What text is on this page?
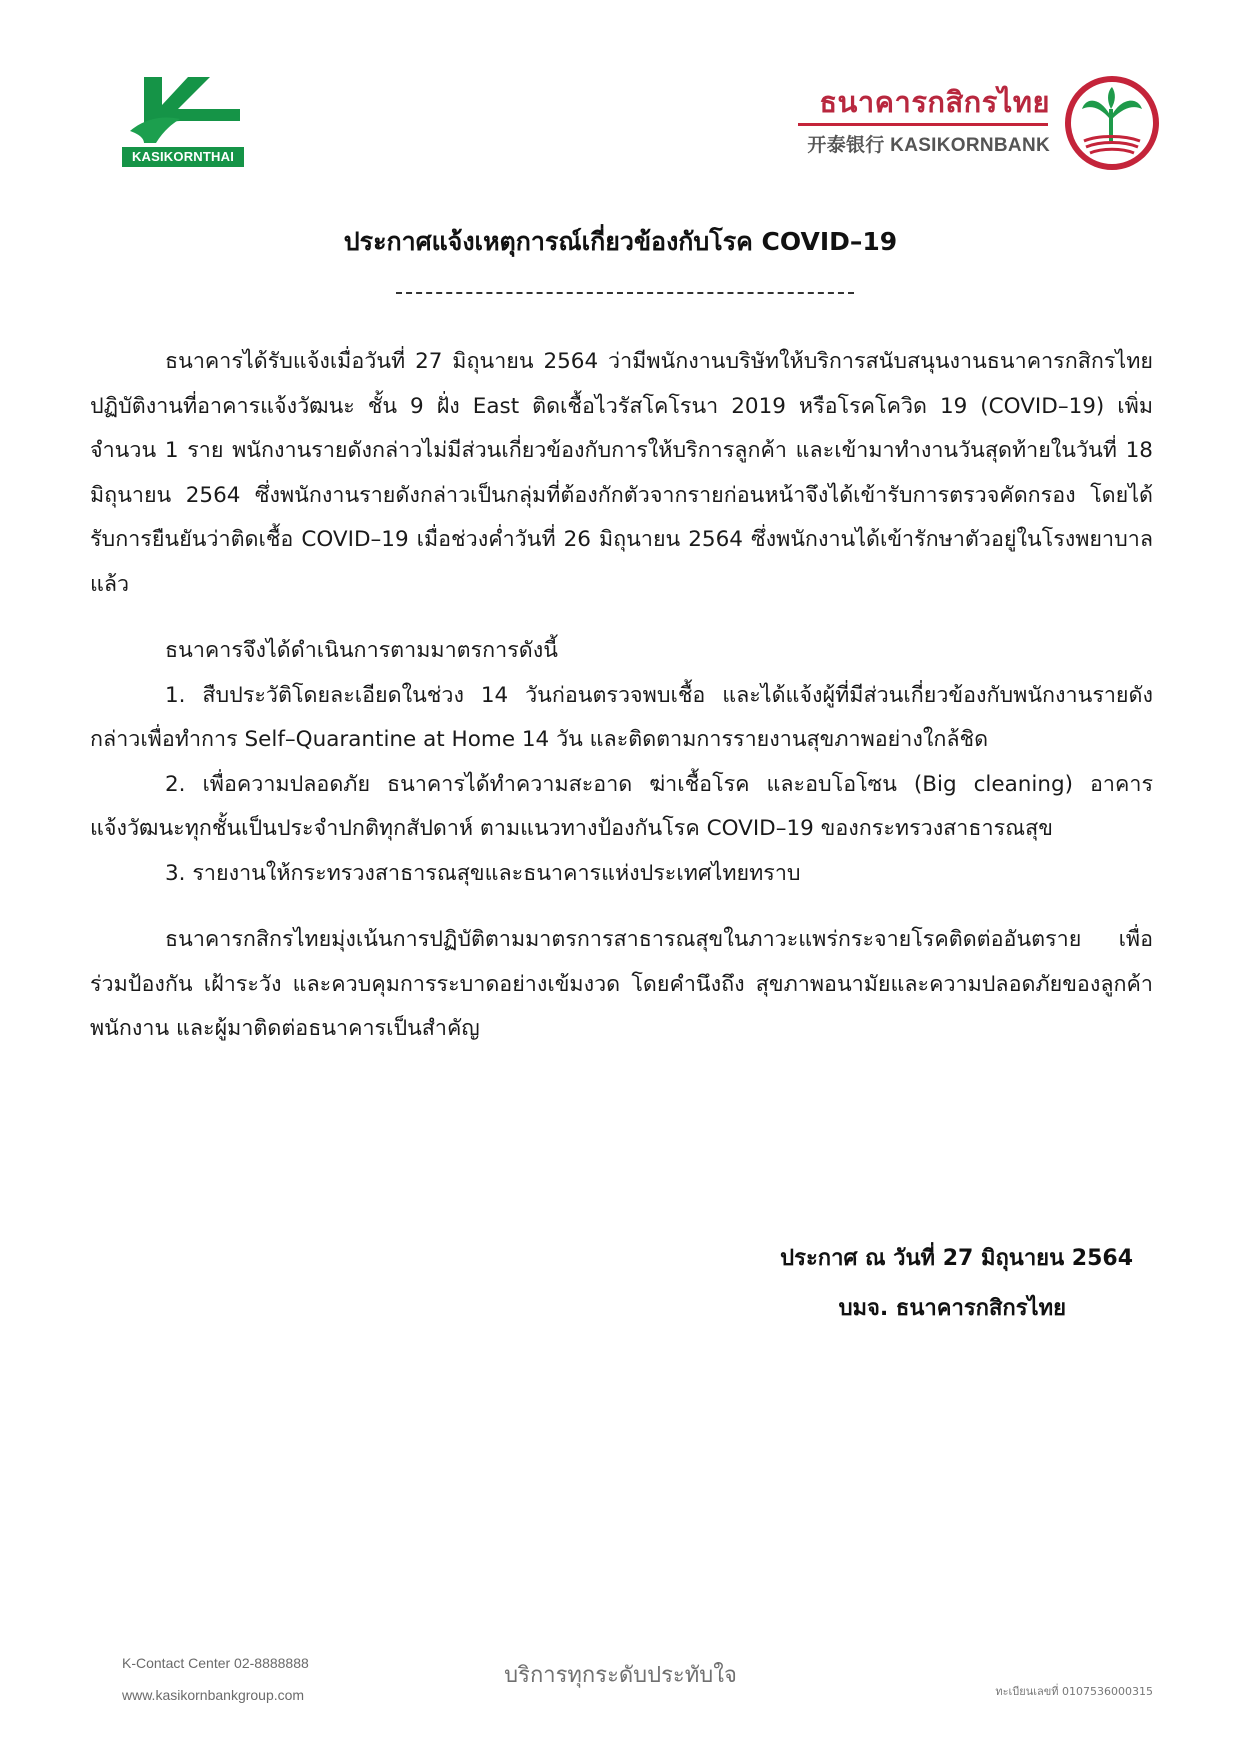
KASIKORNTHAI
ธนาคารกสิกรไทย
开泰银行 KASIKORNBANK
ประกาศแจ้งเหตุการณ์เกี่ยวข้องกับโรค COVID–19

ธนาคารได้รับแจ้งเมื่อวันที่ 27 มิถุนายน 2564 ว่ามีพนักงานบริษัทให้บริการสนับสนุนงานธนาคารกสิกรไทย ปฏิบัติงานที่อาคารแจ้งวัฒนะ ชั้น 9 ฝั่ง East ติดเชื้อไวรัสโคโรนา 2019 หรือโรคโควิด 19 (COVID–19) เพิ่มจำนวน 1 ราย พนักงานรายดังกล่าวไม่มีส่วนเกี่ยวข้องกับการให้บริการลูกค้า และเข้ามาทำงานวันสุดท้ายในวันที่ 18 มิถุนายน 2564 ซึ่งพนักงานรายดังกล่าวเป็นกลุ่มที่ต้องกักตัวจากรายก่อนหน้าจึงได้เข้ารับการตรวจคัดกรอง โดยได้รับการยืนยันว่าติดเชื้อ COVID–19 เมื่อช่วงค่ำวันที่ 26 มิถุนายน 2564 ซึ่งพนักงานได้เข้ารักษาตัวอยู่ในโรงพยาบาลแล้ว

ธนาคารจึงได้ดำเนินการตามมาตรการดังนี้

1. สืบประวัติโดยละเอียดในช่วง 14 วันก่อนตรวจพบเชื้อ และได้แจ้งผู้ที่มีส่วนเกี่ยวข้องกับพนักงานรายดังกล่าวเพื่อทำการ Self–Quarantine at Home 14 วัน และติดตามการรายงานสุขภาพอย่างใกล้ชิด

2. เพื่อความปลอดภัย ธนาคารได้ทำความสะอาด ฆ่าเชื้อโรค และอบโอโซน (Big cleaning) อาคารแจ้งวัฒนะทุกชั้นเป็นประจำปกติทุกสัปดาห์ ตามแนวทางป้องกันโรค COVID–19 ของกระทรวงสาธารณสุข

3. รายงานให้กระทรวงสาธารณสุขและธนาคารแห่งประเทศไทยทราบ

ธนาคารกสิกรไทยมุ่งเน้นการปฏิบัติตามมาตรการสาธารณสุขในภาวะแพร่กระจายโรคติดต่ออันตราย เพื่อร่วมป้องกัน เฝ้าระวัง และควบคุมการระบาดอย่างเข้มงวด โดยคำนึงถึง สุขภาพอนามัยและความปลอดภัยของลูกค้า พนักงาน และผู้มาติดต่อธนาคารเป็นสำคัญ

ประกาศ ณ วันที่ 27 มิถุนายน 2564
บมจ. ธนาคารกสิกรไทย
K-Contact Center 02-8888888
www.kasikornbankgroup.com
บริการทุกระดับประทับใจ
ทะเบียนเลขที่ 0107536000315
